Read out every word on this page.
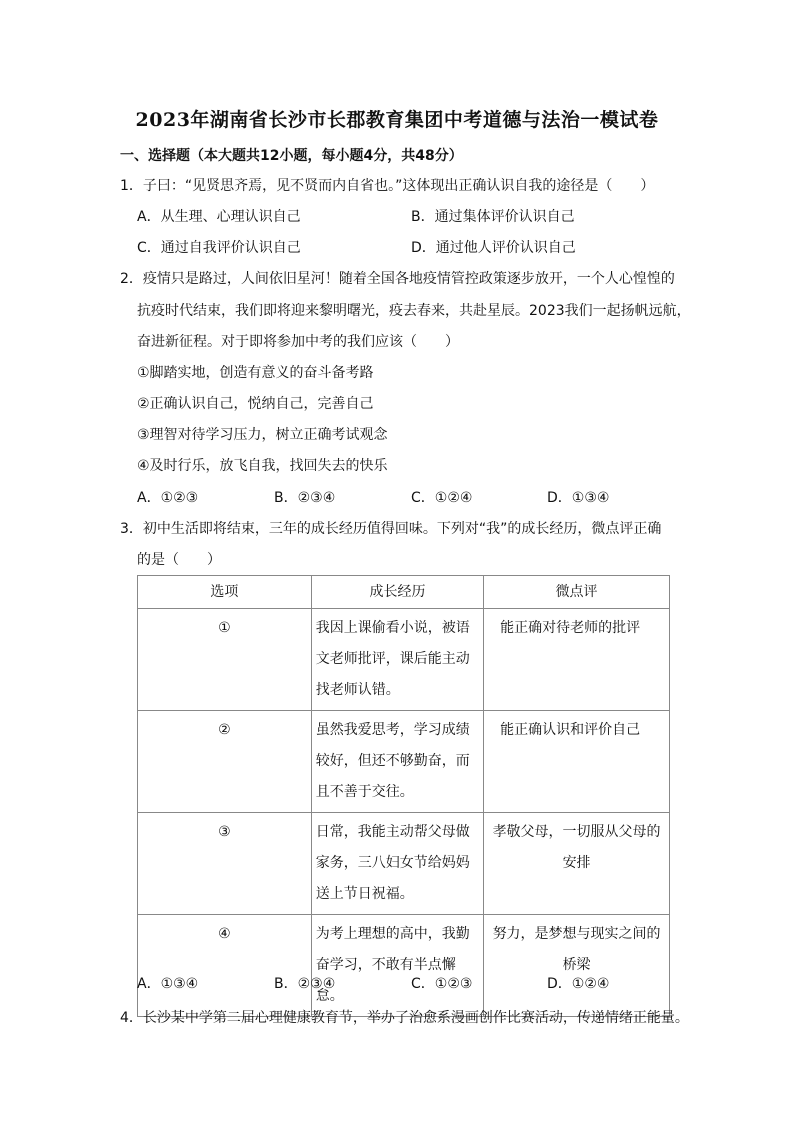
2023年湖南省长沙市长郡教育集团中考道德与法治一模试卷
一、选择题（本大题共12小题，每小题4分，共48分）
1．子曰：“见贤思齐焉，见不贤而内自省也。”这体现出正确认识自我的途径是（　　）
A．从生理、心理认识自己	B．通过集体评价认识自己
C．通过自我评价认识自己	D．通过他人评价认识自己
2．疫情只是路过，人间依旧星河！随着全国各地疫情管控政策逐步放开，一个人心惶惶的
抗疫时代结束，我们即将迎来黎明曙光，疫去春来，共赴星辰。2023我们一起扬帆远航，
奋进新征程。对于即将参加中考的我们应该（　　）
①脚踏实地，创造有意义的奋斗备考路
②正确认识自己，悦纳自己，完善自己
③理智对待学习压力，树立正确考试观念
④及时行乐，放飞自我，找回失去的快乐
A．①②③	B．②③④	C．①②④	D．①③④
3．初中生活即将结束，三年的成长经历值得回味。下列对“我”的成长经历，微点评正确
的是（　　）
选项	成长经历	微点评
①	我因上课偷看小说，被语文老师批评，课后能主动找老师认错。	能正确对待老师的批评
②	虽然我爱思考，学习成绩较好，但还不够勤奋，而且不善于交往。	能正确认识和评价自己
③	日常，我能主动帮父母做家务，三八妇女节给妈妈送上节日祝福。	孝敬父母，一切服从父母的安排
④	为考上理想的高中，我勤奋学习，不敢有半点懈怠。	努力，是梦想与现实之间的桥梁
A．①③④	B．②③④	C．①②③	D．①②④
4．长沙某中学第二届心理健康教育节，举办了治愈系漫画创作比赛活动，传递情绪正能量。
